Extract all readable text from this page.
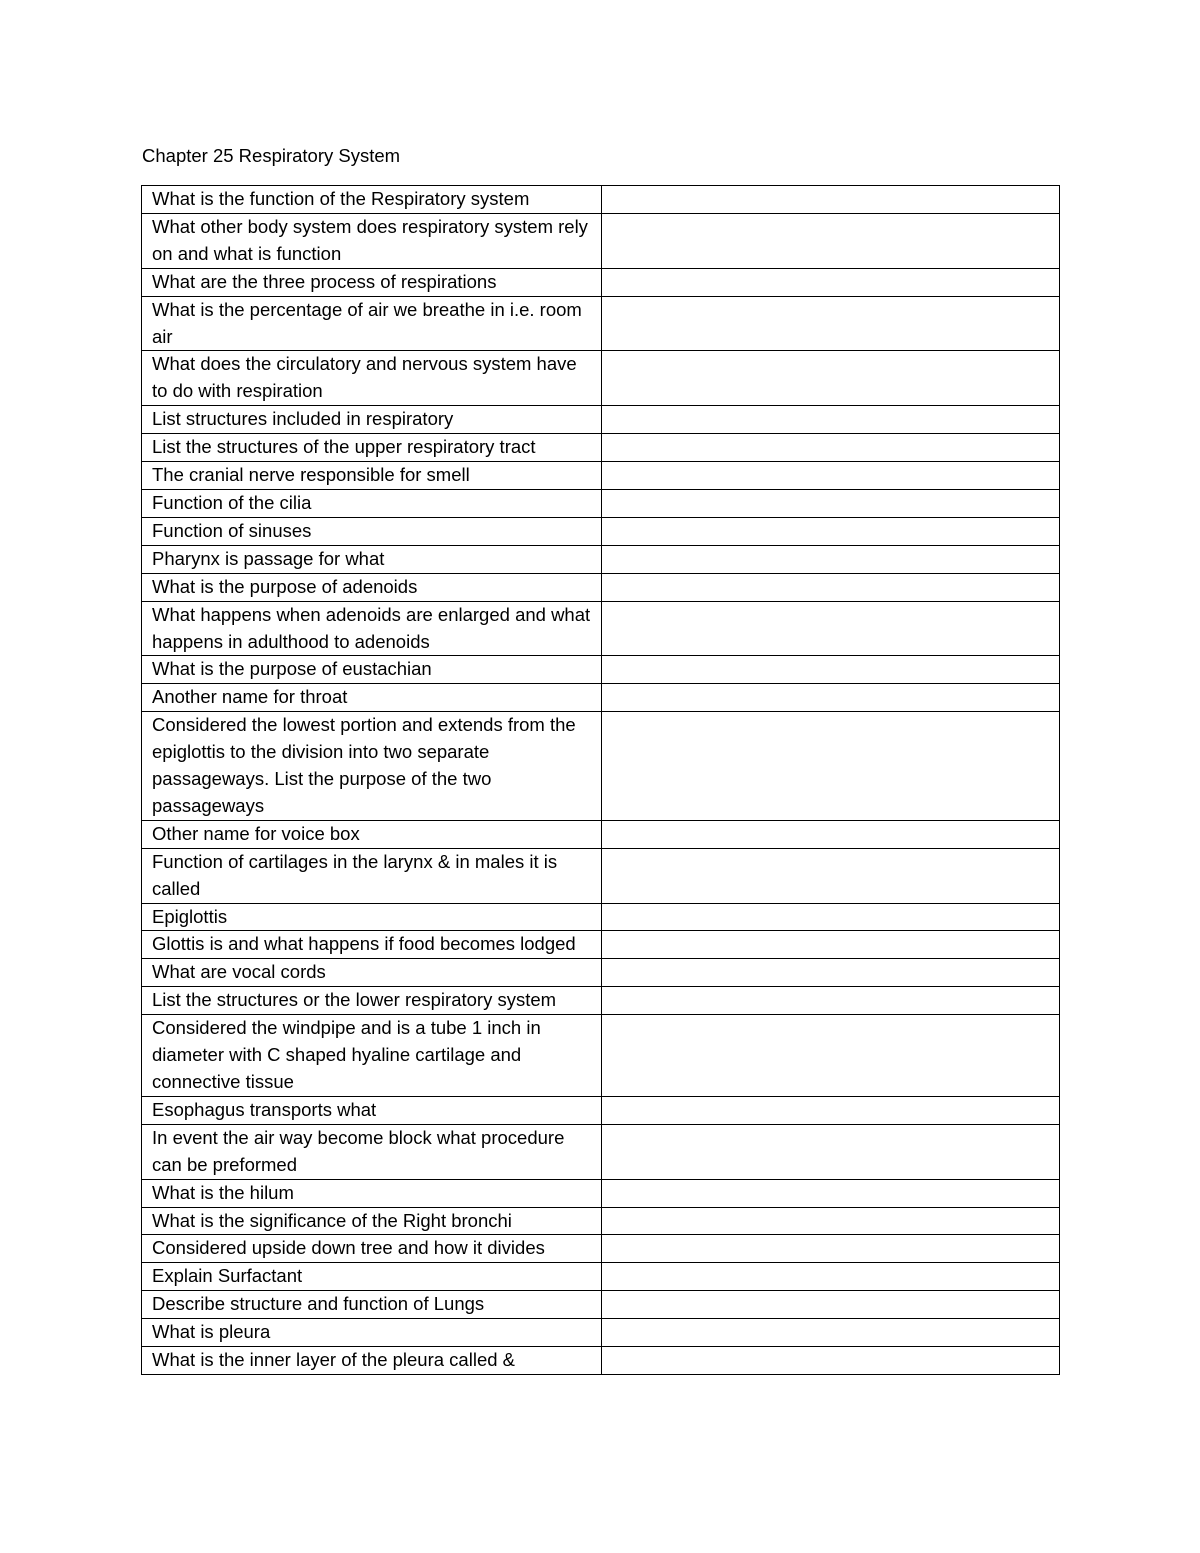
Chapter 25 Respiratory System
What is the function of the Respiratory system	
What other body system does respiratory system rely on and what is function	
What are the three process of respirations	
What is the percentage of air we breathe in i.e. room air	
What does the circulatory and nervous system have to do with respiration	
List structures included in respiratory	
List the structures of the upper respiratory tract	
The cranial nerve responsible for smell	
Function of the cilia	
Function of sinuses	
Pharynx is passage for what	
What is the purpose of adenoids	
What happens when adenoids are enlarged and what happens in adulthood to adenoids	
What is the purpose of eustachian	
Another name for throat	
Considered the lowest portion and extends from the epiglottis to the division into two separate passageways. List the purpose of the two passageways	
Other name for voice box	
Function of cartilages in the larynx & in males it is called	
Epiglottis	
Glottis is and what happens if food becomes lodged	
What are vocal cords	
List the structures or the lower respiratory system	
Considered the windpipe and is a tube 1 inch in diameter with C shaped hyaline cartilage and connective tissue	
Esophagus transports what	
In event the air way become block what procedure can be preformed	
What is the hilum	
What is the significance of the Right bronchi	
Considered upside down tree and how it divides	
Explain Surfactant	
Describe structure and function of Lungs	
What is pleura	
What is the inner layer of the pleura called &	
